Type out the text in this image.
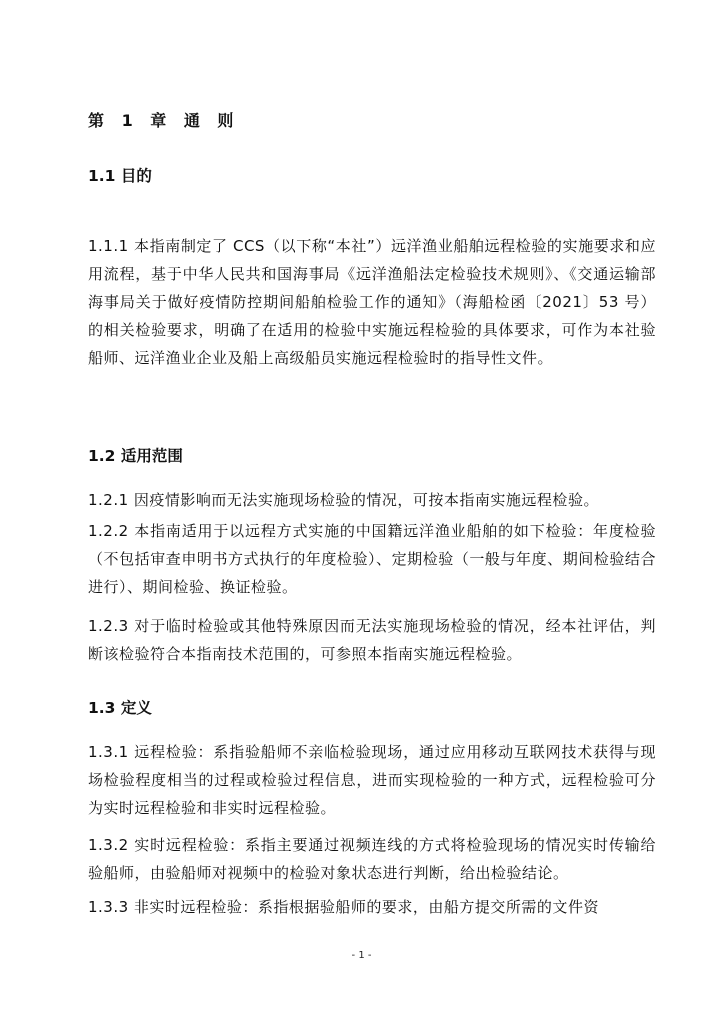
第 1 章 通 则
1.1 目的
1.1.1 本指南制定了 CCS（以下称“本社”）远洋渔业船舶远程检验的实施要求和应用流程，基于中华人民共和国海事局《远洋渔船法定检验技术规则》、《交通运输部海事局关于做好疫情防控期间船舶检验工作的通知》（海船检函〔2021〕53 号）的相关检验要求，明确了在适用的检验中实施远程检验的具体要求，可作为本社验船师、远洋渔业企业及船上高级船员实施远程检验时的指导性文件。
1.2 适用范围
1.2.1 因疫情影响而无法实施现场检验的情况，可按本指南实施远程检验。
1.2.2 本指南适用于以远程方式实施的中国籍远洋渔业船舶的如下检验：年度检验（不包括审查申明书方式执行的年度检验）、定期检验（一般与年度、期间检验结合进行）、期间检验、换证检验。
1.2.3 对于临时检验或其他特殊原因而无法实施现场检验的情况，经本社评估，判断该检验符合本指南技术范围的，可参照本指南实施远程检验。
1.3 定义
1.3.1 远程检验：系指验船师不亲临检验现场，通过应用移动互联网技术获得与现场检验程度相当的过程或检验过程信息，进而实现检验的一种方式，远程检验可分为实时远程检验和非实时远程检验。
1.3.2 实时远程检验：系指主要通过视频连线的方式将检验现场的情况实时传输给验船师，由验船师对视频中的检验对象状态进行判断，给出检验结论。
1.3.3 非实时远程检验：系指根据验船师的要求，由船方提交所需的文件资
- 1 -
